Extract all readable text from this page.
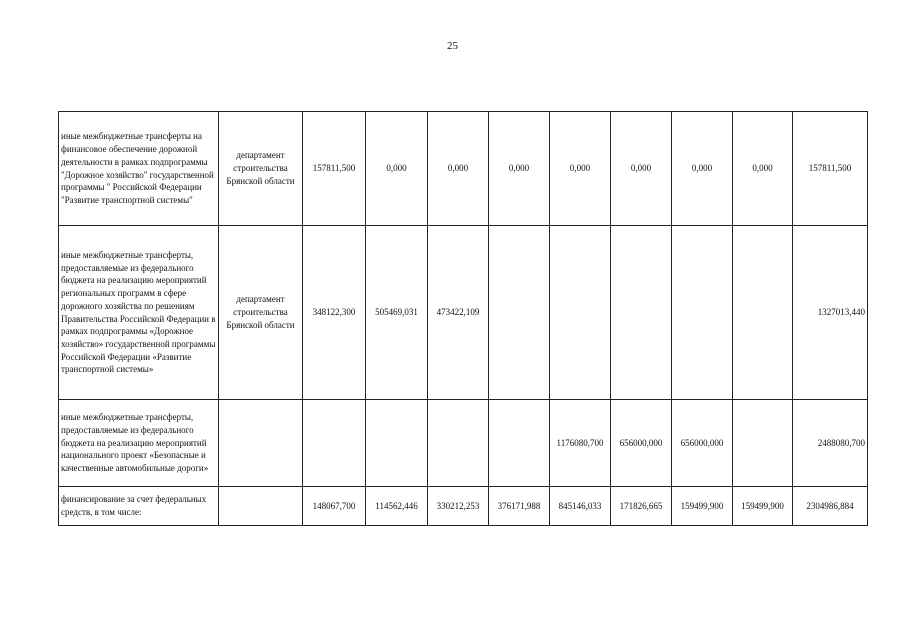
25
иные межбюджетные трансферты на финансовое обеспечение дорожной деятельности в рамках подпрограммы "Дорожное хозяйство" государственной программы " Российской Федерации "Развитие транспортной системы"	департамент строительства Брянской области	157811,500	0,000	0,000	0,000	0,000	0,000	0,000	0,000	157811,500
иные межбюджетные трансферты, предоставляемые из федерального бюджета на реализацию мероприятий региональных программ в сфере дорожного хозяйства по решениям Правительства Российской Федерации в рамках подпрограммы «Дорожное хозяйство» государственной программы Российской Федерации «Развитие транспортной системы»	департамент строительства Брянской области	348122,300	505469,031	473422,109						1327013,440
иные межбюджетные трансферты, предоставляемые из федерального бюджета на реализацию мероприятий национального проект «Безопасные и качественные автомобильные дороги»						1176080,700	656000,000	656000,000		2488080,700
финансирование за счет федеральных средств, в том числе:		148067,700	114562,446	330212,253	376171,988	845146,033	171826,665	159499,900	159499,900	2304986,884
